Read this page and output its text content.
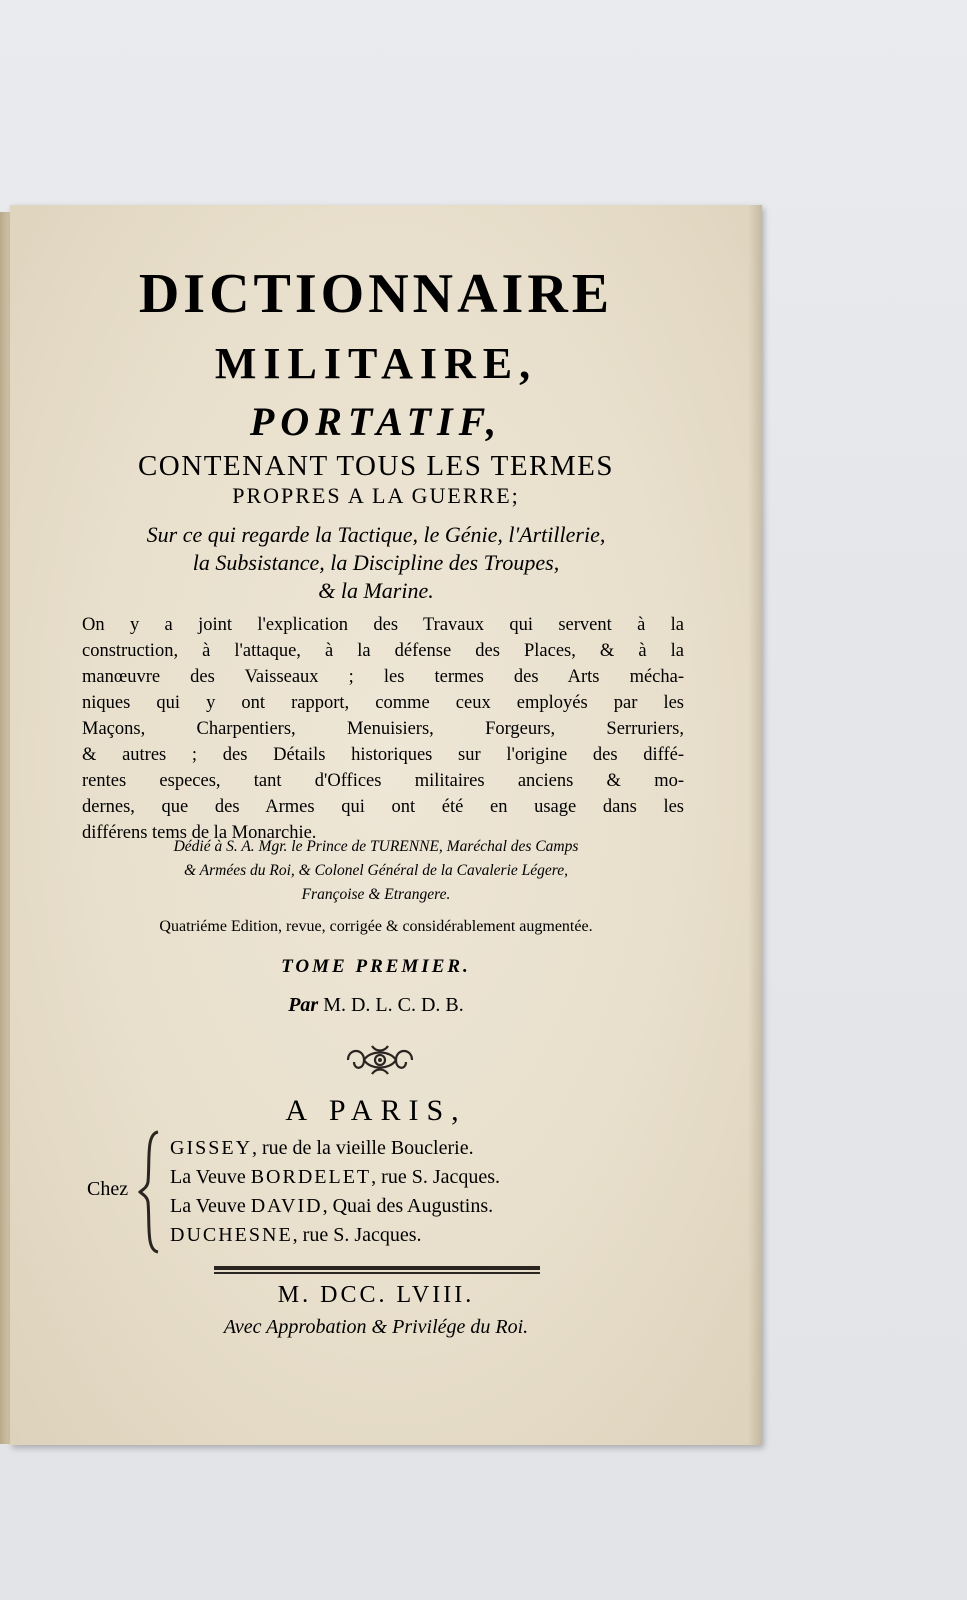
DICTIONNAIRE
MILITAIRE,
PORTATIF,
CONTENANT TOUS LES TERMES
PROPRES A LA GUERRE;
Sur ce qui regarde la Tactique, le Génie, l'Artillerie,
la Subsistance, la Discipline des Troupes,
& la Marine.
On y a joint l'explication des Travaux qui servent à la
construction, à l'attaque, à la défense des Places, & à la
manœuvre des Vaisseaux ; les termes des Arts mécha-
niques qui y ont rapport, comme ceux employés par les
Maçons, Charpentiers, Menuisiers, Forgeurs, Serruriers,
& autres ; des Détails historiques sur l'origine des diffé-
rentes especes, tant d'Offices militaires anciens & mo-
dernes, que des Armes qui ont été en usage dans les
différens tems de la Monarchie.
Dédié à S. A. Mgr. le Prince de TURENNE, Maréchal des Camps
& Armées du Roi, & Colonel Général de la Cavalerie Légere,
Françoise & Etrangere.
Quatriéme Edition, revue, corrigée & considérablement augmentée.
TOME PREMIER.
Par M. D. L. C. D. B.
A PARIS,
Chez
GISSEY, rue de la vieille Bouclerie.
La Veuve BORDELET, rue S. Jacques.
La Veuve DAVID, Quai des Augustins.
DUCHESNE, rue S. Jacques.
M. DCC. LVIII.
Avec Approbation & Privilége du Roi.
